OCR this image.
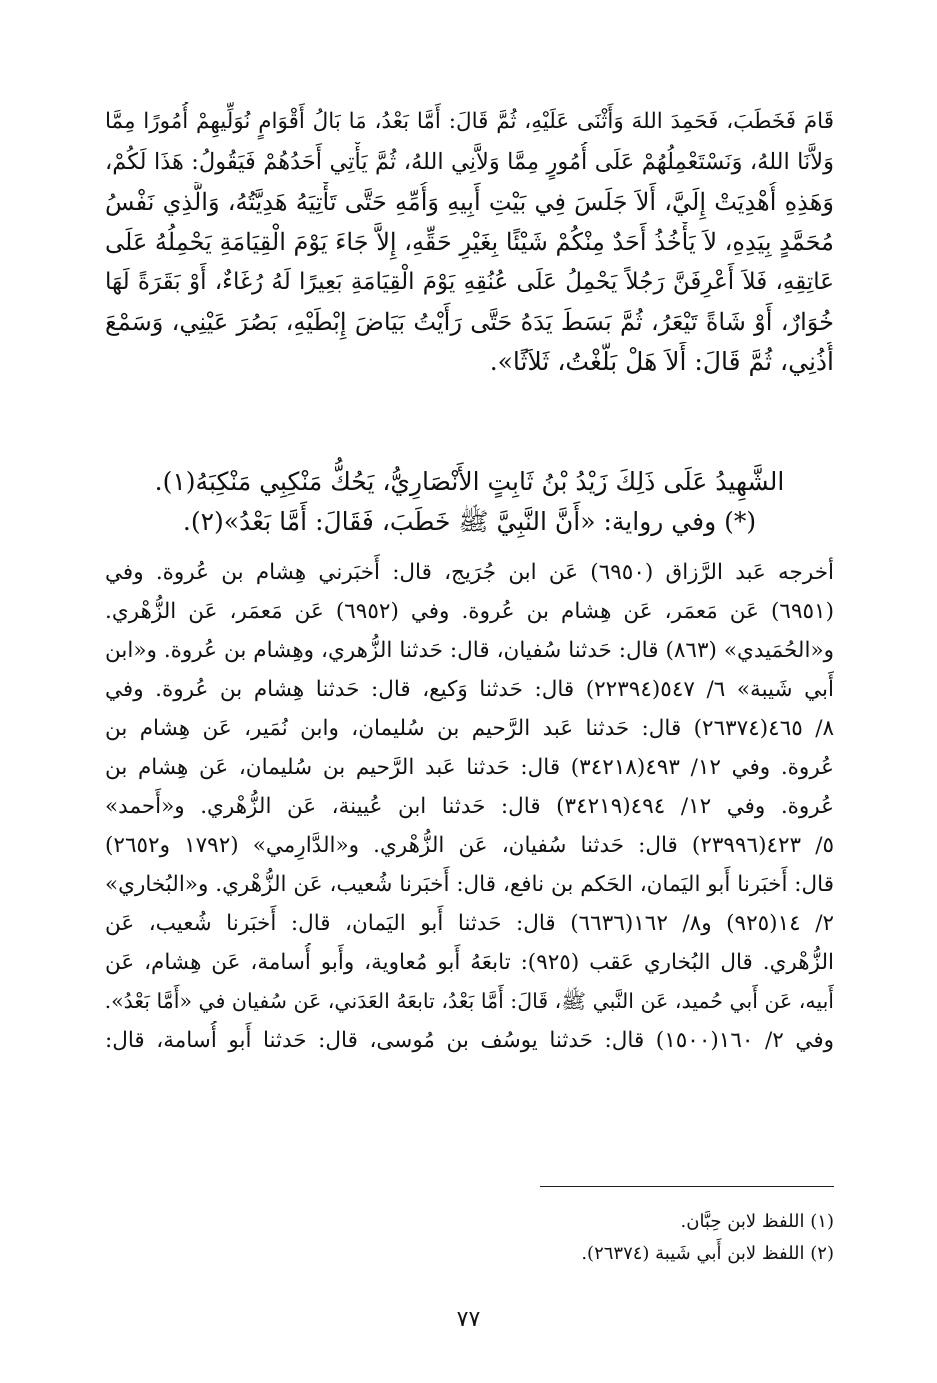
قَامَ فَخَطَبَ، فَحَمِدَ اللهَ وَأَثْنَى عَلَيْهِ، ثُمَّ قَالَ: أَمَّا بَعْدُ، مَا بَالُ أَقْوَامٍ نُوَلِّيهِمْ أُمُورًا مِمَّا
وَلاَّنَا اللهُ، وَنَسْتَعْمِلُهُمْ عَلَى أُمُورٍ مِمَّا وَلاَّنِي اللهُ، ثُمَّ يَأْتِي أَحَدُهُمْ فَيَقُولُ: هَذَا لَكُمْ،
وَهَذِهِ أُهْدِيَتْ إِلَيَّ، أَلاَ جَلَسَ فِي بَيْتِ أَبِيهِ وَأُمِّهِ حَتَّى تَأْتِيَهُ هَدِيَّتُهُ، وَالَّذِي نَفْسُ
مُحَمَّدٍ بِيَدِهِ، لاَ يَأْخُذُ أَحَدٌ مِنْكُمْ شَيْئًا بِغَيْرِ حَقِّهِ، إِلاَّ جَاءَ يَوْمَ الْقِيَامَةِ يَحْمِلُهُ عَلَى
عَاتِقِهِ، فَلاَ أَعْرِفَنَّ رَجُلاً يَحْمِلُ عَلَى عُنُقِهِ يَوْمَ الْقِيَامَةِ بَعِيرًا لَهُ رُغَاءٌ، أَوْ بَقَرَةً لَهَا
خُوَارٌ، أَوْ شَاةً تَيْعَرُ، ثُمَّ بَسَطَ يَدَهُ حَتَّى رَأَيْتُ بَيَاضَ إِبْطَيْهِ، بَصُرَ عَيْنِي، وَسَمْعَ
أُذُنِي، ثُمَّ قَالَ: أَلاَ هَلْ بَلَّغْتُ، ثَلاَثًا».
الشَّهِيدُ عَلَى ذَلِكَ زَيْدُ بْنُ ثَابِتٍ الأَنْصَارِيُّ، يَحُكُّ مَنْكِبِي مَنْكِبَهُ(١).
(*) وفي رواية: «أَنَّ النَّبِيَّ ﷺ خَطَبَ، فَقَالَ: أَمَّا بَعْدُ»(٢).
أخرجه عَبد الرَّزاق (٦٩٥٠) عَن ابن جُرَيج، قال: أَخبَرني هِشام بن عُروة. وفي
(٦٩٥١) عَن مَعمَر، عَن هِشام بن عُروة. وفي (٦٩٥٢) عَن مَعمَر، عَن الزُّهْري.
و«الحُمَيدي» (٨٦٣) قال: حَدثنا سُفيان، قال: حَدثنا الزُّهري، وهِشام بن عُروة. و«ابن
أَبي شَيبة» ٦/ ٥٤٧(٢٢٣٩٤) قال: حَدثنا وَكيع، قال: حَدثنا هِشام بن عُروة. وفي
٨/ ٤٦٥(٢٦٣٧٤) قال: حَدثنا عَبد الرَّحيم بن سُليمان، وابن نُمَير، عَن هِشام بن
عُروة. وفي ١٢/ ٤٩٣(٣٤٢١٨) قال: حَدثنا عَبد الرَّحيم بن سُليمان، عَن هِشام بن
عُروة. وفي ١٢/ ٤٩٤(٣٤٢١٩) قال: حَدثنا ابن عُيينة، عَن الزُّهْري. و«أَحمد»
٥/ ٤٢٣(٢٣٩٩٦) قال: حَدثنا سُفيان، عَن الزُّهْري. و«الدَّارِمي» (١٧٩٢ و٢٦٥٢)
قال: أَخبَرنا أَبو اليَمان، الحَكم بن نافع، قال: أَخبَرنا شُعيب، عَن الزُّهْري. و«البُخاري»
٢/ ١٤(٩٢٥) و٨/ ١٦٢(٦٦٣٦) قال: حَدثنا أَبو اليَمان، قال: أَخبَرنا شُعيب، عَن
الزُّهْري. قال البُخاري عَقب (٩٢٥): تابعَهُ أَبو مُعاوية، وأَبو أُسامة، عَن هِشام، عَن
أَبيه، عَن أَبي حُميد، عَن النَّبي ﷺ، قَالَ: أَمَّا بَعْدُ، تابعَهُ العَدَني، عَن سُفيان في «أَمَّا بَعْدُ».
وفي ٢/ ١٦٠(١٥٠٠) قال: حَدثنا يوسُف بن مُوسى، قال: حَدثنا أَبو أُسامة، قال:
(١) اللفظ لابن حِبَّان.
(٢) اللفظ لابن أَبي شَيبة (٢٦٣٧٤).
٧٧
